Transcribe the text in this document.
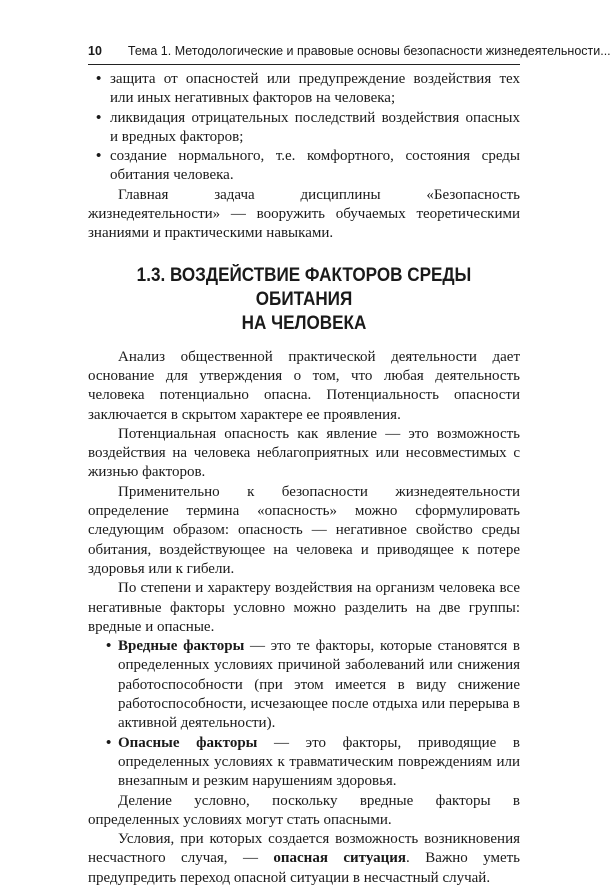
10 Тема 1. Методологические и правовые основы безопасности жизнедеятельности...
• защита от опасностей или предупреждение воздействия тех или иных негативных факторов на человека;
• ликвидация отрицательных последствий воздействия опасных и вредных факторов;
• создание нормального, т.е. комфортного, состояния среды обитания человека.

Главная задача дисциплины «Безопасность жизнедеятельности» — вооружить обучаемых теоретическими знаниями и практическими навыками.

1.3. ВОЗДЕЙСТВИЕ ФАКТОРОВ СРЕДЫ ОБИТАНИЯ
НА ЧЕЛОВЕКА

Анализ общественной практической деятельности дает основание для утверждения о том, что любая деятельность человека потенциально опасна. Потенциальность опасности заключается в скрытом характере ее проявления.

Потенциальная опасность как явление — это возможность воздействия на человека неблагоприятных или несовместимых с жизнью факторов.

Применительно к безопасности жизнедеятельности определение термина «опасность» можно сформулировать следующим образом: опасность — негативное свойство среды обитания, воздействующее на человека и приводящее к потере здоровья или к гибели.

По степени и характеру воздействия на организм человека все негативные факторы условно можно разделить на две группы: вредные и опасные.

• Вредные факторы — это те факторы, которые становятся в определенных условиях причиной заболеваний или снижения работоспособности (при этом имеется в виду снижение работоспособности, исчезающее после отдыха или перерыва в активной деятельности).
• Опасные факторы — это факторы, приводящие в определенных условиях к травматическим повреждениям или внезапным и резким нарушениям здоровья.

Деление условно, поскольку вредные факторы в определенных условиях могут стать опасными.

Условия, при которых создается возможность возникновения несчастного случая, — опасная ситуация. Важно уметь предупредить переход опасной ситуации в несчастный случай.
